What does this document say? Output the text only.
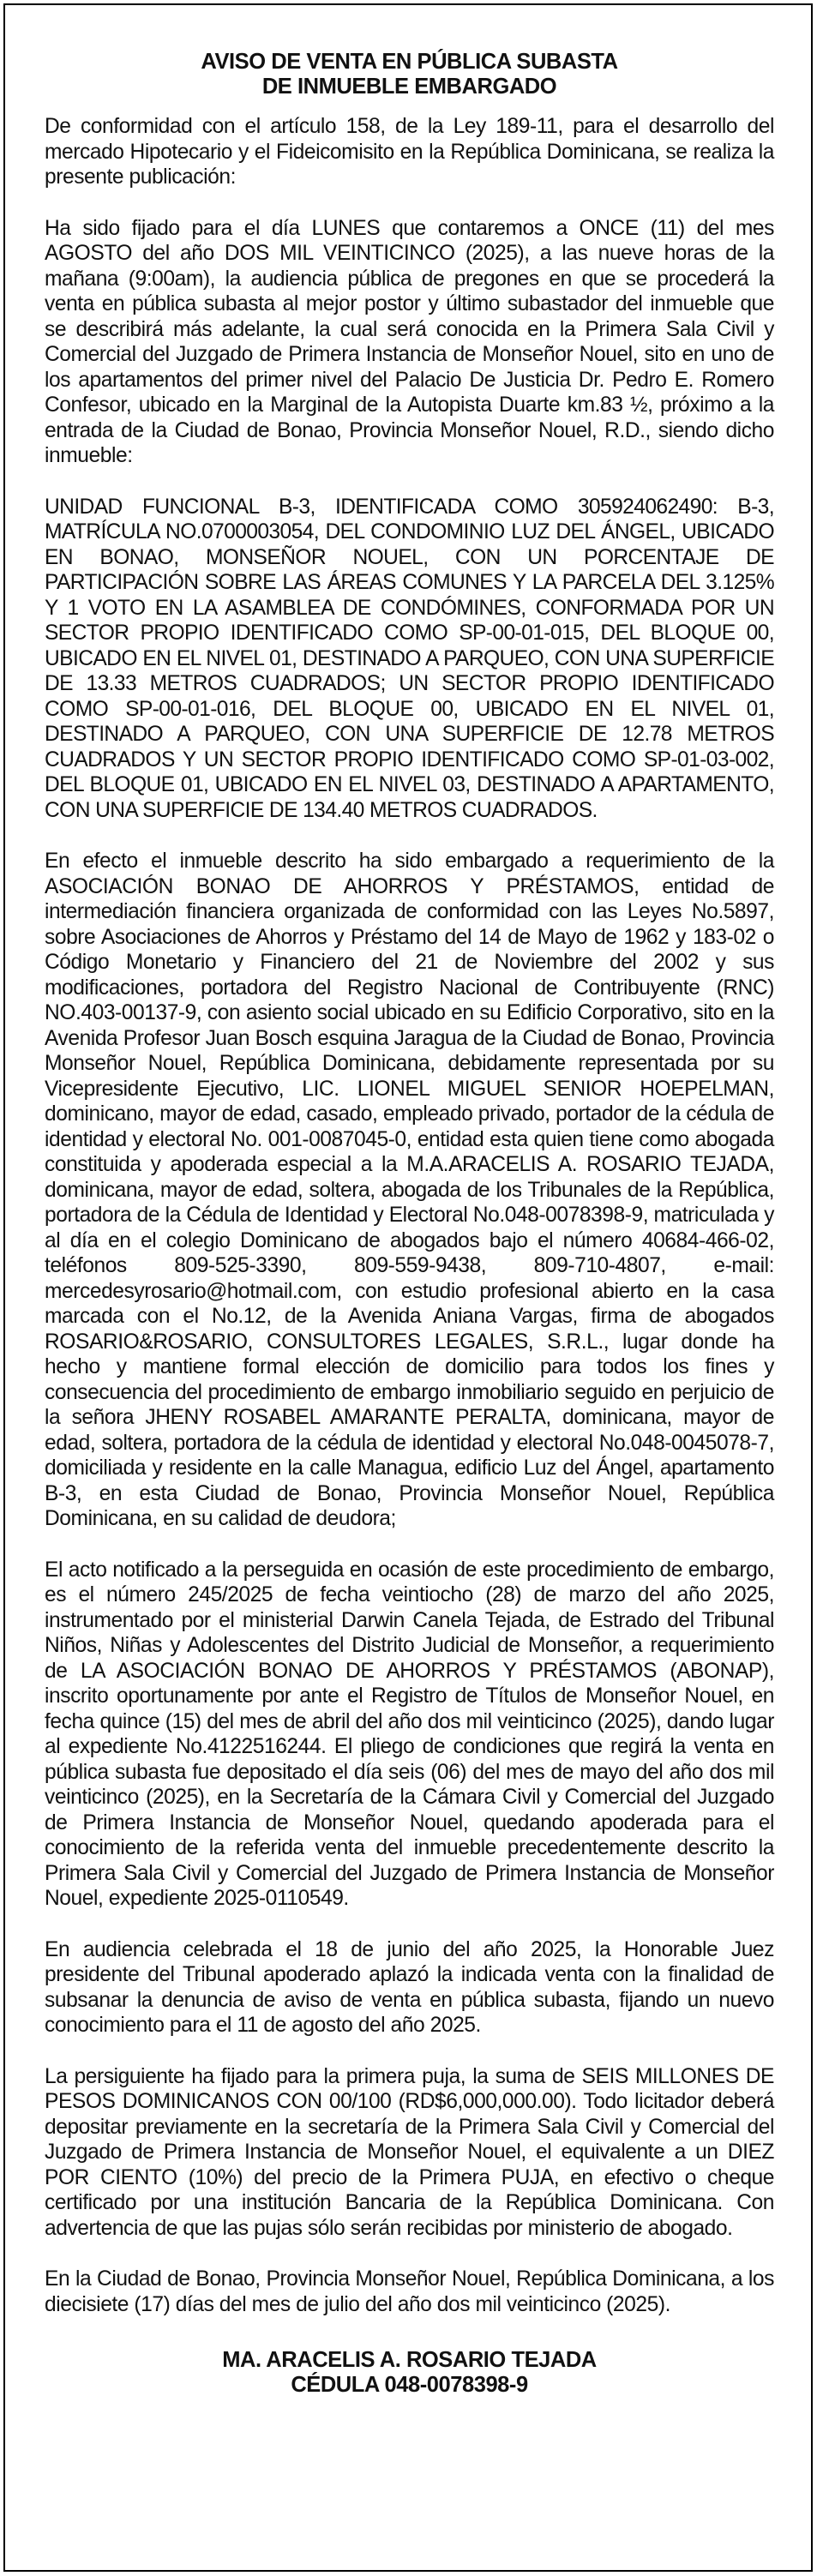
AVISO DE VENTA EN PÚBLICA SUBASTA
DE INMUEBLE EMBARGADO

De conformidad con el artículo 158, de la Ley 189-11, para el desarrollo del mercado Hipotecario y el Fideicomisito en la República Dominicana, se realiza la presente publicación:

Ha sido fijado para el día LUNES que contaremos a ONCE (11) del mes AGOSTO del año DOS MIL VEINTICINCO (2025), a las nueve horas de la mañana (9:00am), la audiencia pública de pregones en que se procederá la venta en pública subasta al mejor postor y último subastador del inmueble que se describirá más adelante, la cual será conocida en la Primera Sala Civil y Comercial del Juzgado de Primera Instancia de Monseñor Nouel, sito en uno de los apartamentos del primer nivel del Palacio De Justicia Dr. Pedro E. Romero Confesor, ubicado en la Marginal de la Autopista Duarte km.83 ½, próximo a la entrada de la Ciudad de Bonao, Provincia Monseñor Nouel, R.D., siendo dicho inmueble:

UNIDAD FUNCIONAL B-3, IDENTIFICADA COMO 305924062490: B-3, MATRÍCULA NO.0700003054, DEL CONDOMINIO LUZ DEL ÁNGEL, UBICADO EN BONAO, MONSEÑOR NOUEL, CON UN PORCENTAJE DE PARTICIPACIÓN SOBRE LAS ÁREAS COMUNES Y LA PARCELA DEL 3.125% Y 1 VOTO EN LA ASAMBLEA DE CONDÓMINES, CONFORMADA POR UN SECTOR PROPIO IDENTIFICADO COMO SP-00-01-015, DEL BLOQUE 00, UBICADO EN EL NIVEL 01, DESTINADO A PARQUEO, CON UNA SUPERFICIE DE 13.33 METROS CUADRADOS; UN SECTOR PROPIO IDENTIFICADO COMO SP-00-01-016, DEL BLOQUE 00, UBICADO EN EL NIVEL 01, DESTINADO A PARQUEO, CON UNA SUPERFICIE DE 12.78 METROS CUADRADOS Y UN SECTOR PROPIO IDENTIFICADO COMO SP-01-03-002, DEL BLOQUE 01, UBICADO EN EL NIVEL 03, DESTINADO A APARTAMENTO, CON UNA SUPERFICIE DE 134.40 METROS CUADRADOS.

En efecto el inmueble descrito ha sido embargado a requerimiento de la ASOCIACIÓN BONAO DE AHORROS Y PRÉSTAMOS, entidad de intermediación financiera organizada de conformidad con las Leyes No.5897, sobre Asociaciones de Ahorros y Préstamo del 14 de Mayo de 1962 y 183-02 o Código Monetario y Financiero del 21 de Noviembre del 2002 y sus modificaciones, portadora del Registro Nacional de Contribuyente (RNC) NO.403-00137-9, con asiento social ubicado en su Edificio Corporativo, sito en la Avenida Profesor Juan Bosch esquina Jaragua de la Ciudad de Bonao, Provincia Monseñor Nouel, República Dominicana, debidamente representada por su Vicepresidente Ejecutivo, LIC. LIONEL MIGUEL SENIOR HOEPELMAN, dominicano, mayor de edad, casado, empleado privado, portador de la cédula de identidad y electoral No. 001-0087045-0, entidad esta quien tiene como abogada constituida y apoderada especial a la M.A.ARACELIS A. ROSARIO TEJADA, dominicana, mayor de edad, soltera, abogada de los Tribunales de la República, portadora de la Cédula de Identidad y Electoral No.048-0078398-9, matriculada y al día en el colegio Dominicano de abogados bajo el número 40684-466-02, teléfonos 809-525-3390, 809-559-9438, 809-710-4807, e-mail: mercedesyrosario@hotmail.com, con estudio profesional abierto en la casa marcada con el No.12, de la Avenida Aniana Vargas, firma de abogados ROSARIO&ROSARIO, CONSULTORES LEGALES, S.R.L., lugar donde ha hecho y mantiene formal elección de domicilio para todos los fines y consecuencia del procedimiento de embargo inmobiliario seguido en perjuicio de la señora JHENY ROSABEL AMARANTE PERALTA, dominicana, mayor de edad, soltera, portadora de la cédula de identidad y electoral No.048-0045078-7, domiciliada y residente en la calle Managua, edificio Luz del Ángel, apartamento B-3, en esta Ciudad de Bonao, Provincia Monseñor Nouel, República Dominicana, en su calidad de deudora;

El acto notificado a la perseguida en ocasión de este procedimiento de embargo, es el número 245/2025 de fecha veintiocho (28) de marzo del año 2025, instrumentado por el ministerial Darwin Canela Tejada, de Estrado del Tribunal Niños, Niñas y Adolescentes del Distrito Judicial de Monseñor, a requerimiento de LA ASOCIACIÓN BONAO DE AHORROS Y PRÉSTAMOS (ABONAP), inscrito oportunamente por ante el Registro de Títulos de Monseñor Nouel, en fecha quince (15) del mes de abril del año dos mil veinticinco (2025), dando lugar al expediente No.4122516244. El pliego de condiciones que regirá la venta en pública subasta fue depositado el día seis (06) del mes de mayo del año dos mil veinticinco (2025), en la Secretaría de la Cámara Civil y Comercial del Juzgado de Primera Instancia de Monseñor Nouel, quedando apoderada para el conocimiento de la referida venta del inmueble precedentemente descrito la Primera Sala Civil y Comercial del Juzgado de Primera Instancia de Monseñor Nouel, expediente 2025-0110549.

En audiencia celebrada el 18 de junio del año 2025, la Honorable Juez presidente del Tribunal apoderado aplazó la indicada venta con la finalidad de subsanar la denuncia de aviso de venta en pública subasta, fijando un nuevo conocimiento para el 11 de agosto del año 2025.

La persiguiente ha fijado para la primera puja, la suma de SEIS MILLONES DE PESOS DOMINICANOS CON 00/100 (RD$6,000,000.00). Todo licitador deberá depositar previamente en la secretaría de la Primera Sala Civil y Comercial del Juzgado de Primera Instancia de Monseñor Nouel, el equivalente a un DIEZ POR CIENTO (10%) del precio de la Primera PUJA, en efectivo o cheque certificado por una institución Bancaria de la República Dominicana. Con advertencia de que las pujas sólo serán recibidas por ministerio de abogado.

En la Ciudad de Bonao, Provincia Monseñor Nouel, República Dominicana, a los diecisiete (17) días del mes de julio del año dos mil veinticinco (2025).

MA. ARACELIS A. ROSARIO TEJADA
CÉDULA 048-0078398-9
